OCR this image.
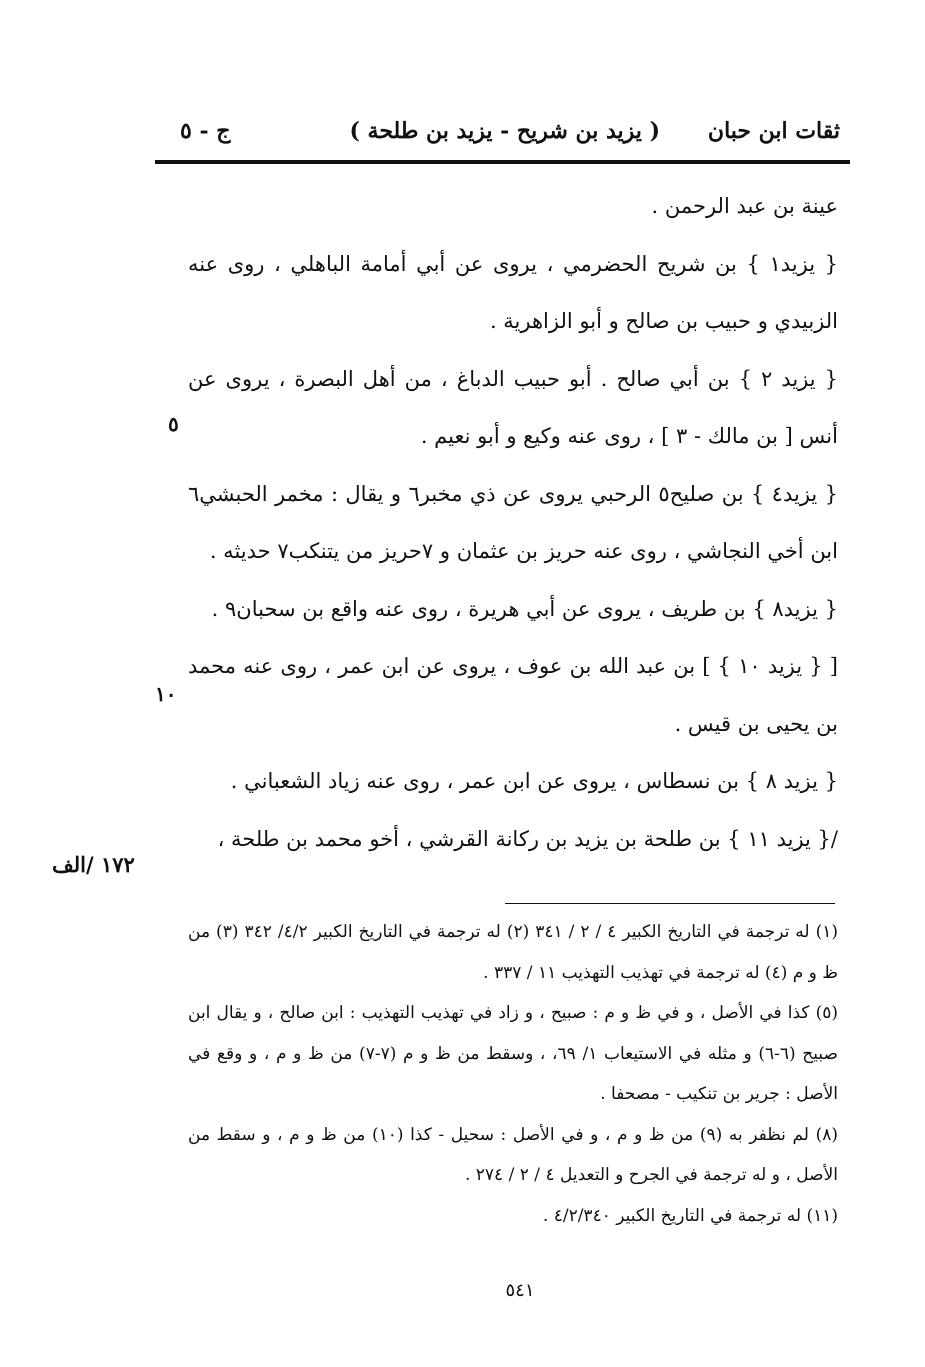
ثقات ابن حبان
( يزيد بن شريح - يزيد بن طلحة )
ج - ٥

عينة بن عبد الرحمن .

{ يزيد١ } بن شريح الحضرمي ، يروى عن أبي أمامة الباهلي ، روى عنه الزبيدي و حبيب بن صالح و أبو الزاهرية .

{ يزيد ٢ } بن أبي صالح . أبو حبيب الدباغ ، من أهل البصرة ، يروى عن أنس [ بن مالك - ٣ ] ، روى عنه وكيع و أبو نعيم .

{ يزيد٤ } بن صليح٥ الرحبي يروى عن ذي مخبر٦ و يقال : مخمر الحبشي٦ ابن أخي النجاشي ، روى عنه حريز بن عثمان و ٧حريز من يتنكب٧ حديثه .

{ يزيد٨ } بن طريف ، يروى عن أبي هريرة ، روى عنه واقع بن سحبان٩ .

[ { يزيد ١٠ } ] بن عبد الله بن عوف ، يروى عن ابن عمر ، روى عنه محمد بن يحيى بن قيس .

{ يزيد ٨ } بن نسطاس ، يروى عن ابن عمر ، روى عنه زياد الشعباني .

/{ يزيد ١١ } بن طلحة بن يزيد بن ركانة القرشي ، أخو محمد بن طلحة ،

٥
١٠
١٧٢ /الف

(١) له ترجمة في التاريخ الكبير ٤ / ٢ / ٣٤١ (٢) له ترجمة في التاريخ الكبير ٤/٢/ ٣٤٢ (٣) من ظ و م (٤) له ترجمة في تهذيب التهذيب ١١ / ٣٣٧ .

(٥) كذا في الأصل ، و في ظ و م : صبيح ، و زاد في تهذيب التهذيب : ابن صالح ، و يقال ابن صبيح (٦-٦) و مثله في الاستيعاب ١/ ٦٩، ، وسقط من ظ و م (٧-٧) من ظ و م ، و وقع في الأصل : جرير بن تنكيب - مصحفا .

(٨) لم نظفر به (٩) من ظ و م ، و في الأصل : سحيل - كذا (١٠) من ظ و م ، و سقط من الأصل ، و له ترجمة في الجرح و التعديل ٤ / ٢ / ٢٧٤ .

(١١) له ترجمة في التاريخ الكبير ٤/٢/٣٤٠ .

٥٤١
